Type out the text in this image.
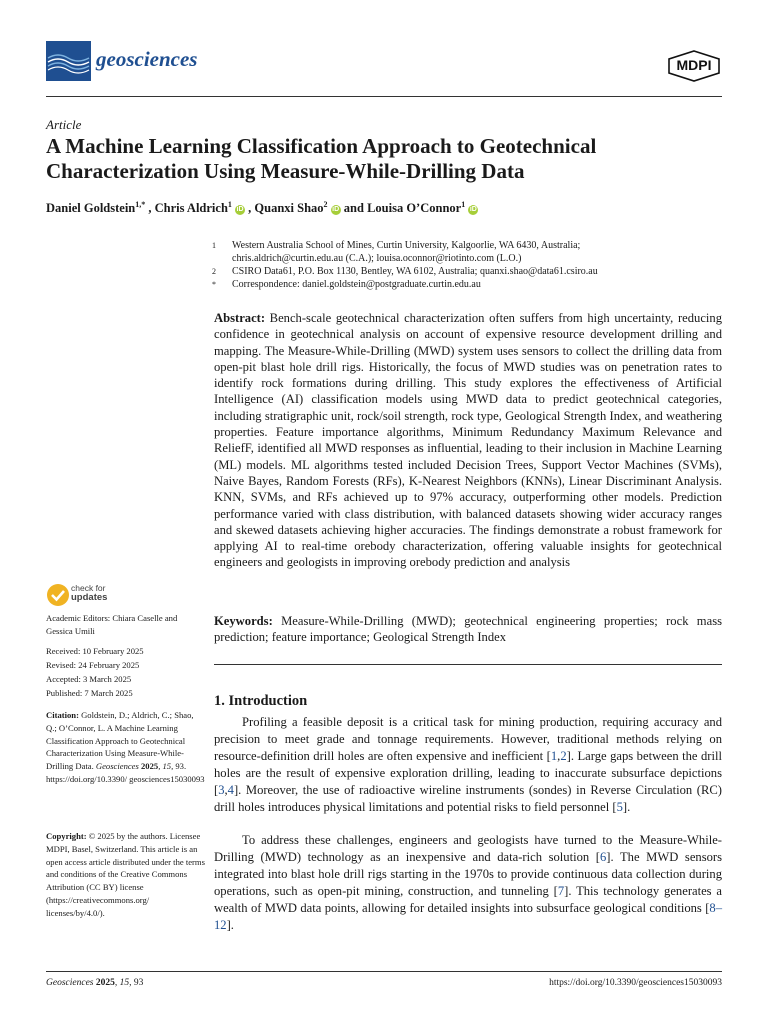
geosciences	MDPI
Article
A Machine Learning Classification Approach to Geotechnical Characterization Using Measure-While-Drilling Data
Daniel Goldstein$^{1,*}$ , Chris Aldrich$^1$ iD , Quanxi Shao$^2$ iD and Louisa O’Connor$^1$ iD
1 Western Australia School of Mines, Curtin University, Kalgoorlie, WA 6430, Australia;
chris.aldrich@curtin.edu.au (C.A.); louisa.oconnor@riotinto.com (L.O.)
2 CSIRO Data61, P.O. Box 1130, Bentley, WA 6102, Australia; quanxi.shao@data61.csiro.au
* Correspondence: daniel.goldstein@postgraduate.curtin.edu.au
Abstract: Bench-scale geotechnical characterization often suffers from high uncertainty, reducing confidence in geotechnical analysis on account of expensive resource development drilling and mapping. The Measure-While-Drilling (MWD) system uses sensors to collect the drilling data from open-pit blast hole drill rigs. Historically, the focus of MWD studies was on penetration rates to identify rock formations during drilling. This study explores the effectiveness of Artificial Intelligence (AI) classification models using MWD data to predict geotechnical categories, including stratigraphic unit, rock/soil strength, rock type, Geological Strength Index, and weathering properties. Feature importance algorithms, Minimum Redundancy Maximum Relevance and ReliefF, identified all MWD responses as influential, leading to their inclusion in Machine Learning (ML) models. ML algorithms tested included Decision Trees, Support Vector Machines (SVMs), Naive Bayes, Random Forests (RFs), K-Nearest Neighbors (KNNs), Linear Discriminant Analysis. KNN, SVMs, and RFs achieved up to 97% accuracy, outperforming other models. Prediction performance varied with class distribution, with balanced datasets showing wider accuracy ranges and skewed datasets achieving higher accuracies. The findings demonstrate a robust framework for applying AI to real-time orebody characterization, offering valuable insights for geotechnical engineers and geologists in improving orebody prediction and analysis
Keywords: Measure-While-Drilling (MWD); geotechnical engineering properties; rock mass prediction; feature importance; Geological Strength Index
1. Introduction
Profiling a feasible deposit is a critical task for mining production, requiring accuracy and precision to meet grade and tonnage requirements. However, traditional methods relying on resource-definition drill holes are often expensive and inefficient [1,2]. Large gaps between the drill holes are the result of expensive exploration drilling, leading to inaccurate subsurface depictions [3,4]. Moreover, the use of radioactive wireline instruments (sondes) in Reverse Circulation (RC) drill holes introduces physical limitations and potential risks to field personnel [5].
To address these challenges, engineers and geologists have turned to the Measure-While-Drilling (MWD) technology as an inexpensive and data-rich solution [6]. The MWD sensors integrated into blast hole drill rigs starting in the 1970s to provide continuous data collection during operations, such as open-pit mining, construction, and tunneling [7]. This technology generates a wealth of MWD data points, allowing for detailed insights into subsurface geological conditions [8–12].
check for
updates
Academic Editors: Chiara Caselle and Gessica Umili
Received: 10 February 2025
Revised: 24 February 2025
Accepted: 3 March 2025
Published: 7 March 2025
Citation: Goldstein, D.; Aldrich, C.; Shao, Q.; O’Connor, L. A Machine Learning Classification Approach to Geotechnical Characterization Using Measure-While-Drilling Data. Geosciences 2025, 15, 93. https://doi.org/10.3390/ geosciences15030093
Copyright: © 2025 by the authors. Licensee MDPI, Basel, Switzerland. This article is an open access article distributed under the terms and conditions of the Creative Commons Attribution (CC BY) license (https://creativecommons.org/ licenses/by/4.0/).
Geosciences 2025, 15, 93	https://doi.org/10.3390/geosciences15030093
